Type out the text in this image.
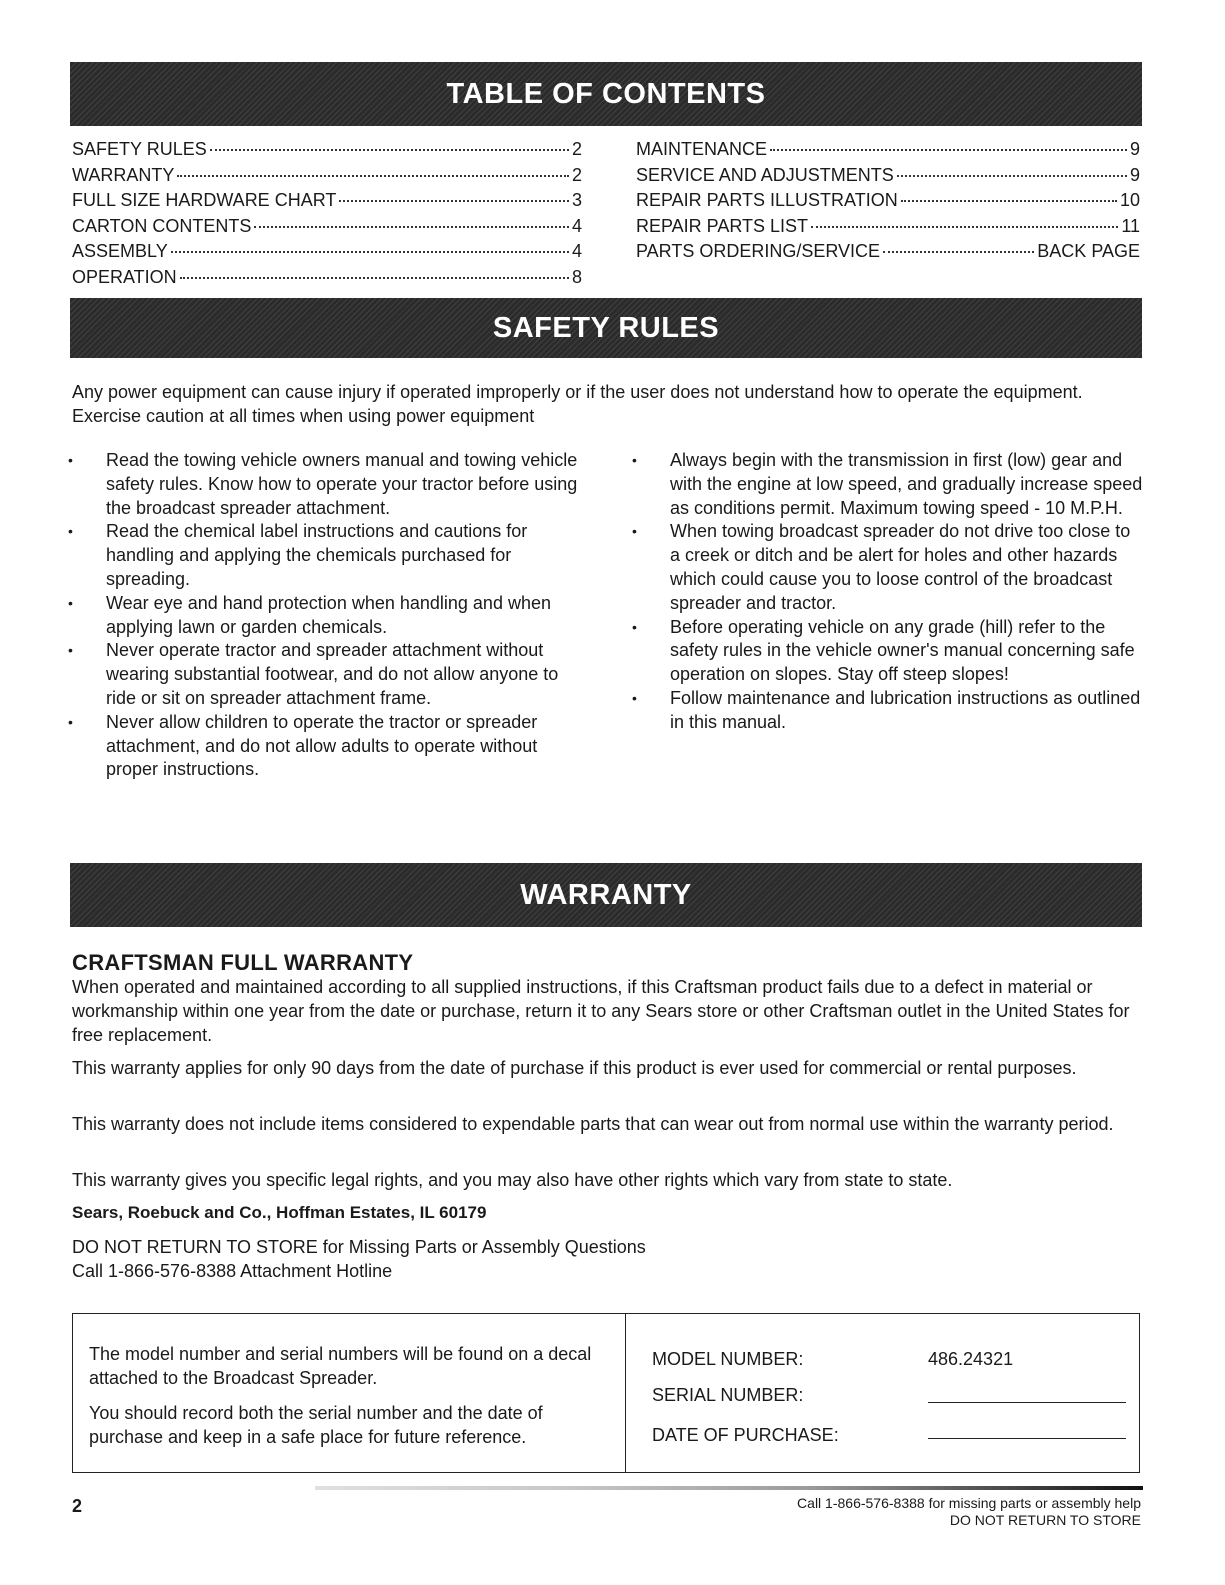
TABLE OF CONTENTS
SAFETY RULES	2
WARRANTY	2
FULL SIZE HARDWARE CHART	3
CARTON CONTENTS	4
ASSEMBLY	4
OPERATION	8
MAINTENANCE	9
SERVICE AND ADJUSTMENTS	9
REPAIR PARTS ILLUSTRATION	10
REPAIR PARTS LIST	11
PARTS ORDERING/SERVICE	BACK PAGE
SAFETY RULES

Any power equipment can cause injury if operated improperly or if the user does not understand how to operate the equipment. Exercise caution at all times when using power equipment

• Read the towing vehicle owners manual and towing vehicle safety rules. Know how to operate your tractor before using the broadcast spreader attachment.
• Read the chemical label instructions and cautions for handling and applying the chemicals purchased for spreading.
• Wear eye and hand protection when handling and when applying lawn or garden chemicals.
• Never operate tractor and spreader attachment without wearing substantial footwear, and do not allow anyone to ride or sit on spreader attachment frame.
• Never allow children to operate the tractor or spreader attachment, and do not allow adults to operate without proper instructions.
• Always begin with the transmission in first (low) gear and with the engine at low speed, and gradually increase speed as conditions permit. Maximum towing speed - 10 M.P.H.
• When towing broadcast spreader do not drive too close to a creek or ditch and be alert for holes and other hazards which could cause you to loose control of the broadcast spreader and tractor.
• Before operating vehicle on any grade (hill) refer to the safety rules in the vehicle owner's manual concerning safe operation on slopes. Stay off steep slopes!
• Follow maintenance and lubrication instructions as outlined in this manual.
WARRANTY
CRAFTSMAN FULL WARRANTY

When operated and maintained according to all supplied instructions, if this Craftsman product fails due to a defect in material or workmanship within one year from the date or purchase, return it to any Sears store or other Craftsman outlet in the United States for free replacement.

This warranty applies for only 90 days from the date of purchase if this product is ever used for commercial or rental purposes.

This warranty does not include items considered to expendable parts that can wear out from normal use within the warranty period.

This warranty gives you specific legal rights, and you may also have other rights which vary from state to state.

Sears, Roebuck and Co., Hoffman Estates, IL 60179

DO NOT RETURN TO STORE for Missing Parts or Assembly Questions

Call 1-866-576-8388 Attachment Hotline

The model number and serial numbers will be found on a decal attached to the Broadcast Spreader.

You should record both the serial number and the date of purchase and keep in a safe place for future reference.

MODEL NUMBER:	486.24321
SERIAL NUMBER:
DATE OF PURCHASE:
2	Call 1-866-576-8388 for missing parts or assembly help
DO NOT RETURN TO STORE
